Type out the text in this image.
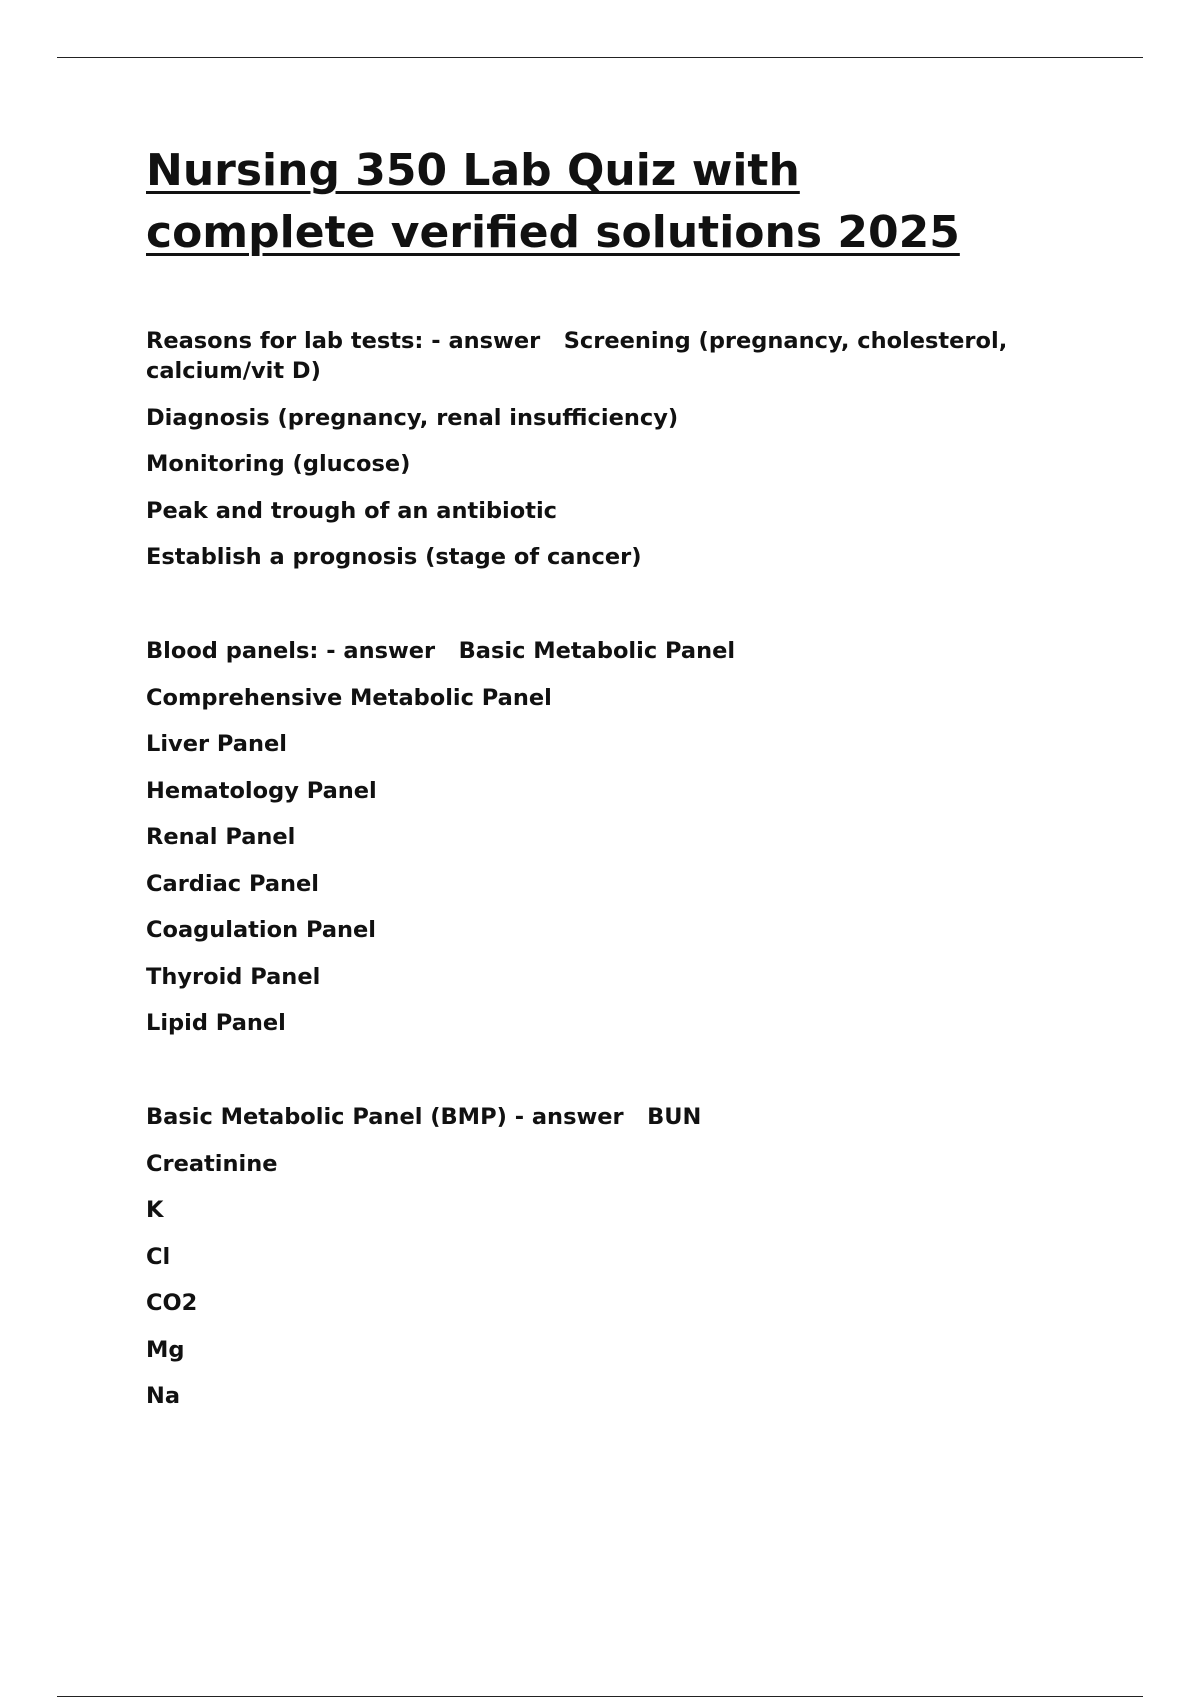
Nursing 350 Lab Quiz with
complete verified solutions 2025

Reasons for lab tests: - answer   Screening (pregnancy, cholesterol, calcium/vit D)

Diagnosis (pregnancy, renal insufficiency)
Monitoring (glucose)
Peak and trough of an antibiotic
Establish a prognosis (stage of cancer)

Blood panels: - answer   Basic Metabolic Panel

Comprehensive Metabolic Panel
Liver Panel
Hematology Panel
Renal Panel
Cardiac Panel
Coagulation Panel
Thyroid Panel
Lipid Panel

Basic Metabolic Panel (BMP) - answer   BUN

Creatinine
K
Cl
CO2
Mg
Na
